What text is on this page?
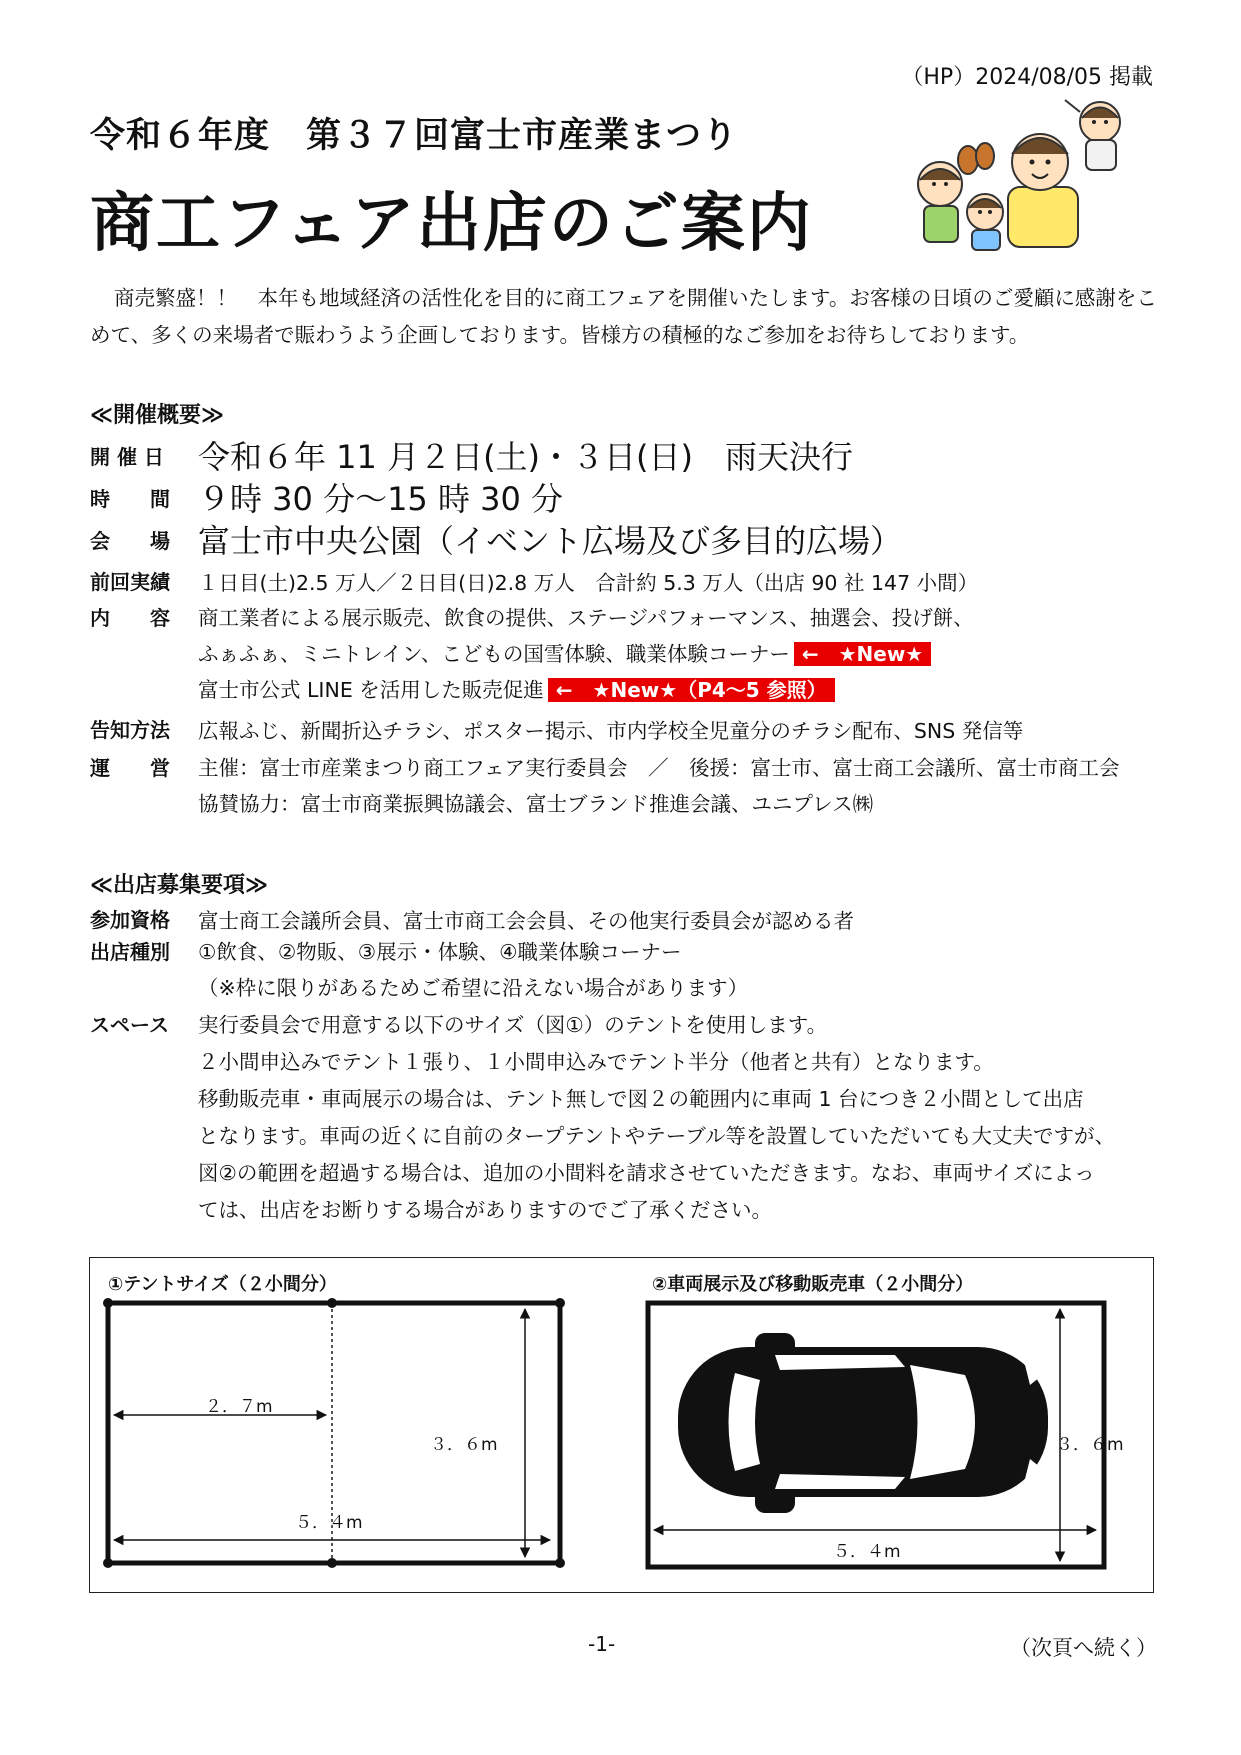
（HP）2024/08/05 掲載
令和６年度　第３７回富士市産業まつり
商工フェア出店のご案内
商売繁盛！！　本年も地域経済の活性化を目的に商工フェアを開催いたします。お客様の日頃のご愛顧に感謝をこめて、多くの来場者で賑わうよう企画しております。皆様方の積極的なご参加をお待ちしております。
≪開催概要≫
開 催 日	令和６年 11 月２日(土)・３日(日)　雨天決行
時　　間 ９時 30 分～15 時 30 分
会　　場 富士市中央公園（イベント広場及び多目的広場）
前回実績	１日目(土)2.5 万人／２日目(日)2.8 万人　合計約 5.3 万人（出店 90 社 147 小間）
内　　容	商工業者による展示販売、飲食の提供、ステージパフォーマンス、抽選会、投げ餅、
ふぁふぁ、ミニトレイン、こどもの国雪体験、職業体験コーナー ←　★New★
富士市公式 LINE を活用した販売促進 ←　★New★（P4～5 参照）
告知方法	広報ふじ、新聞折込チラシ、ポスター掲示、市内学校全児童分のチラシ配布、SNS 発信等
運　　営	主催：富士市産業まつり商工フェア実行委員会　／　後援：富士市、富士商工会議所、富士市商工会
協賛協力：富士市商業振興協議会、富士ブランド推進会議、ユニプレス㈱
≪出店募集要項≫
参加資格	富士商工会議所会員、富士市商工会会員、その他実行委員会が認める者
出店種別	①飲食、②物販、③展示・体験、④職業体験コーナー
（※枠に限りがあるためご希望に沿えない場合があります）
スペース	実行委員会で用意する以下のサイズ（図①）のテントを使用します。
２小間申込みでテント１張り、１小間申込みでテント半分（他者と共有）となります。
移動販売車・車両展示の場合は、テント無しで図２の範囲内に車両 1 台につき２小間として出店
となります。車両の近くに自前のタープテントやテーブル等を設置していただいても大丈夫ですが、
図②の範囲を超過する場合は、追加の小間料を請求させていただきます。なお、車両サイズによっ
ては、出店をお断りする場合がありますのでご了承ください。
①テントサイズ（２小間分）
２．７m
３．６m
５．４m
②車両展示及び移動販売車（２小間分）
３．６m
５．４m
-1-	（次頁へ続く）
